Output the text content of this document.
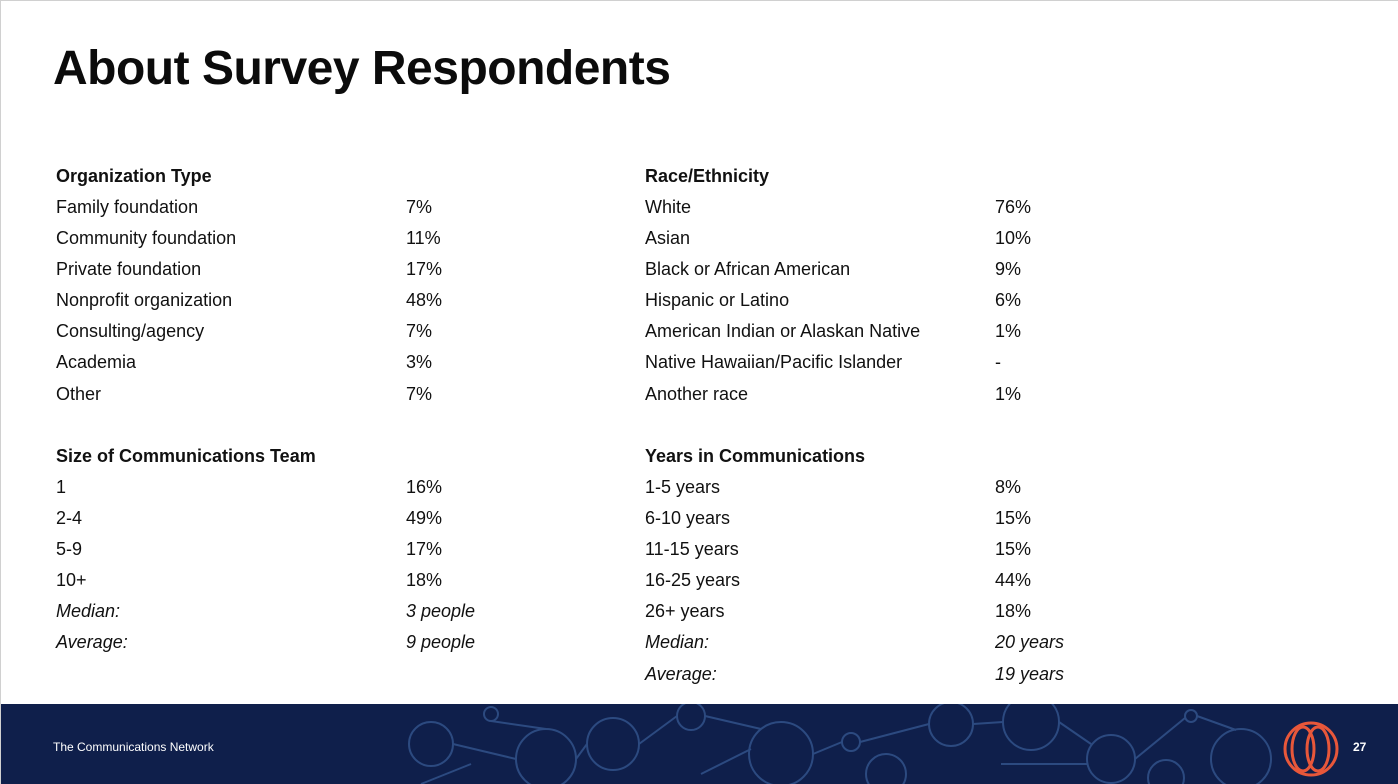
About Survey Respondents
Organization Type
Family foundation	7%
Community foundation	11%
Private foundation	17%
Nonprofit organization	48%
Consulting/agency	7%
Academia	3%
Other	7%
Race/Ethnicity
White	76%
Asian	10%
Black or African American	9%
Hispanic or Latino	6%
American Indian or Alaskan Native	1%
Native Hawaiian/Pacific Islander	-
Another race	1%
Size of Communications Team
1	16%
2-4	49%
5-9	17%
10+	18%
Median:	3 people
Average:	9 people
Years in Communications
1-5 years	8%
6-10 years	15%
11-15 years	15%
16-25 years	44%
26+ years	18%
Median:	20 years
Average:	19 years
The Communications Network	27
